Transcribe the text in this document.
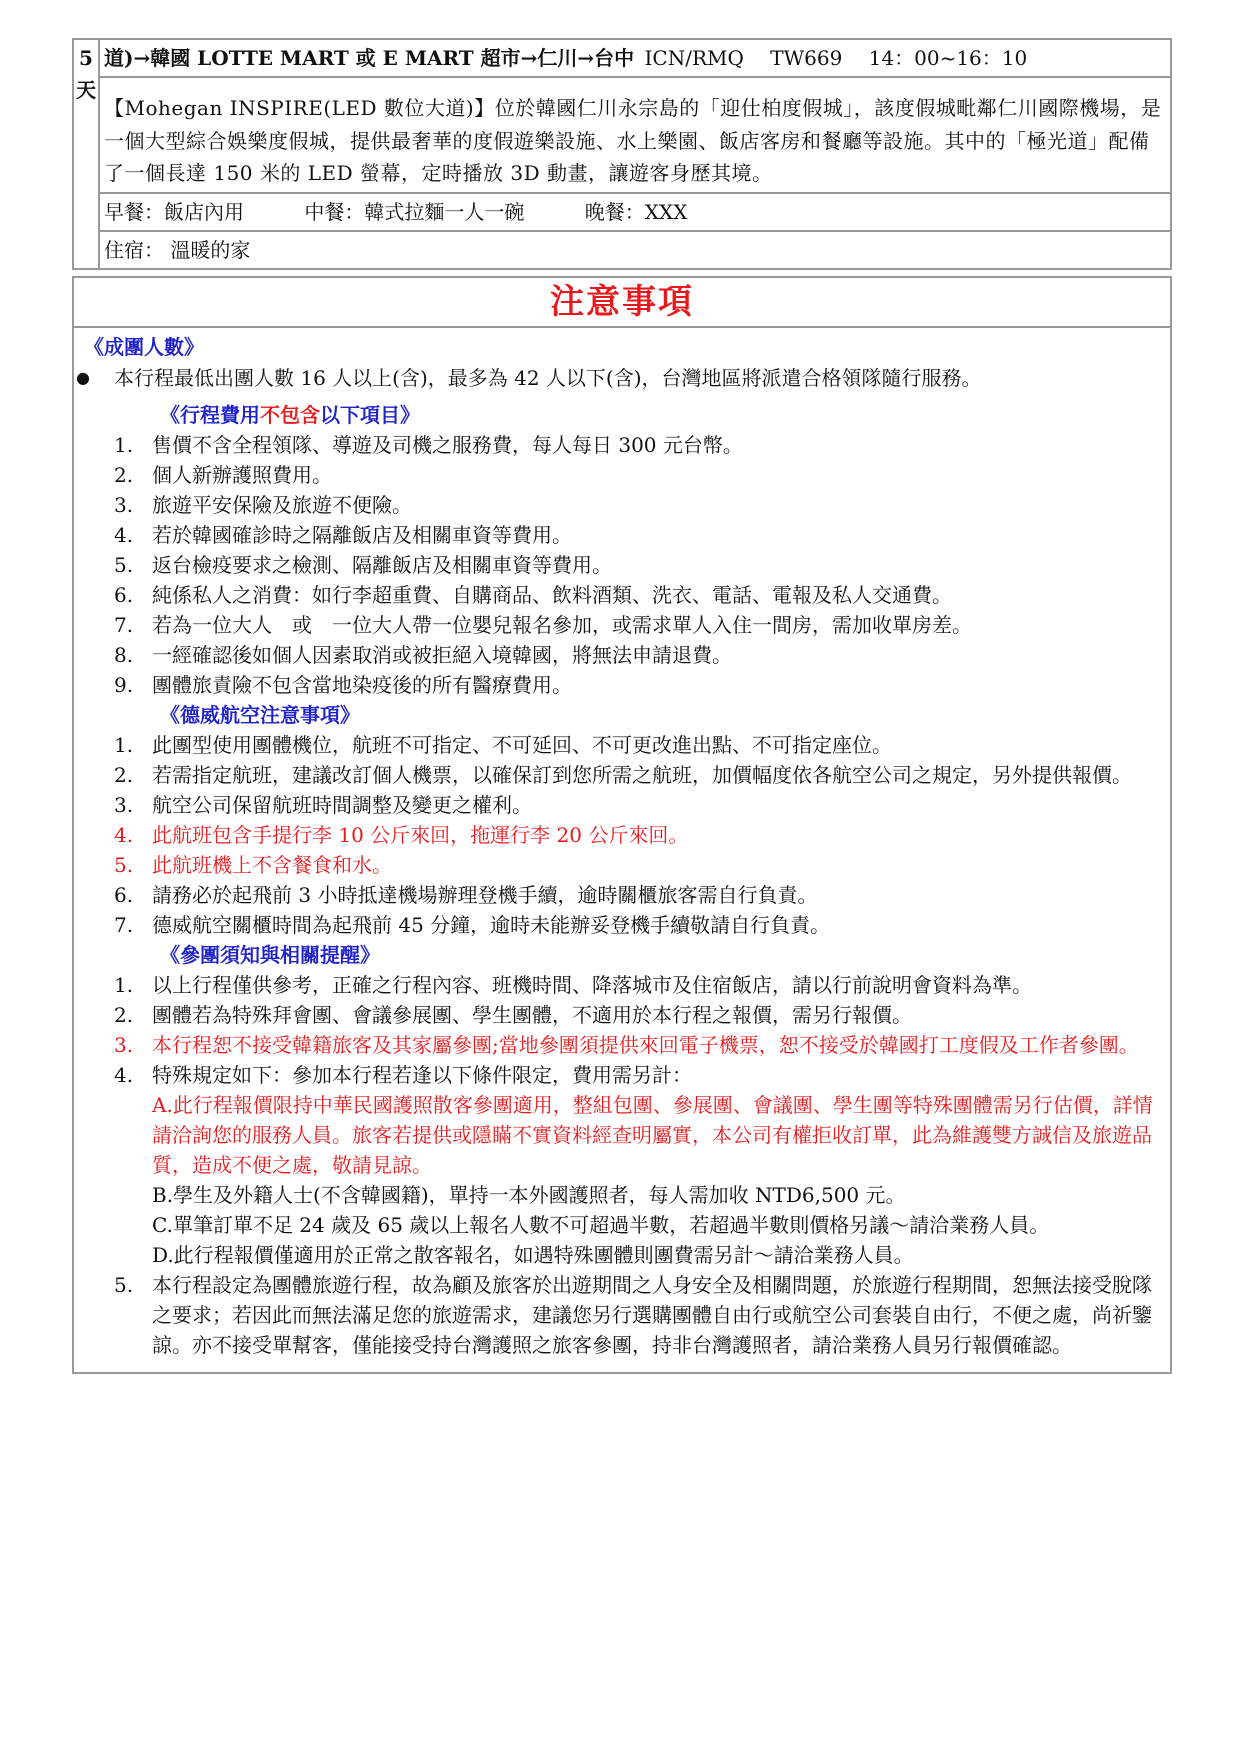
5
天
道)→韓國 LOTTE MART 或 E MART 超市→仁川→台中 ICN/RMQ　 TW669　 14：00~16：10
【Mohegan INSPIRE(LED 數位大道)】位於韓國仁川永宗島的「迎仕柏度假城」，該度假城毗鄰仁川國際機場，是一個大型綜合娛樂度假城，提供最奢華的度假遊樂設施、水上樂園、飯店客房和餐廳等設施。其中的「極光道」配備了一個長達 150 米的 LED 螢幕，定時播放 3D 動畫，讓遊客身歷其境。
早餐：飯店內用	中餐：韓式拉麵一人一碗	晚餐：XXX
住宿： 溫暖的家
注意事項
《成團人數》
●	本行程最低出團人數 16 人以上(含)，最多為 42 人以下(含)，台灣地區將派遣合格領隊隨行服務。
《行程費用不包含以下項目》
1. 售價不含全程領隊、導遊及司機之服務費，每人每日 300 元台幣。
2. 個人新辦護照費用。
3. 旅遊平安保險及旅遊不便險。
4. 若於韓國確診時之隔離飯店及相關車資等費用。
5. 返台檢疫要求之檢測、隔離飯店及相關車資等費用。
6. 純係私人之消費：如行李超重費、自購商品、飲料酒類、洗衣、電話、電報及私人交通費。
7. 若為一位大人　或　一位大人帶一位嬰兒報名參加，或需求單人入住一間房，需加收單房差。
8. 一經確認後如個人因素取消或被拒絕入境韓國，將無法申請退費。
9. 團體旅責險不包含當地染疫後的所有醫療費用。
《德威航空注意事項》
1. 此團型使用團體機位，航班不可指定、不可延回、不可更改進出點、不可指定座位。
2. 若需指定航班，建議改訂個人機票，以確保訂到您所需之航班，加價幅度依各航空公司之規定，另外提供報價。
3. 航空公司保留航班時間調整及變更之權利。
4. 此航班包含手提行李 10 公斤來回，拖運行李 20 公斤來回。
5. 此航班機上不含餐食和水。
6. 請務必於起飛前 3 小時抵達機場辦理登機手續，逾時關櫃旅客需自行負責。
7. 德威航空關櫃時間為起飛前 45 分鐘，逾時未能辦妥登機手續敬請自行負責。
《參團須知與相關提醒》
1. 以上行程僅供參考，正確之行程內容、班機時間、降落城市及住宿飯店，請以行前說明會資料為準。
2. 團體若為特殊拜會團、會議參展團、學生團體，不適用於本行程之報價，需另行報價。
3. 本行程恕不接受韓籍旅客及其家屬參團;當地參團須提供來回電子機票，恕不接受於韓國打工度假及工作者參團。
4. 特殊規定如下：參加本行程若逢以下條件限定，費用需另計：
A.此行程報價限持中華民國護照散客參團適用，整組包團、參展團、會議團、學生團等特殊團體需另行估價，詳情請洽詢您的服務人員。旅客若提供或隱瞞不實資料經查明屬實，本公司有權拒收訂單，此為維護雙方誠信及旅遊品質，造成不便之處，敬請見諒。
B.學生及外籍人士(不含韓國籍)，單持一本外國護照者，每人需加收 NTD6,500 元。
C.單筆訂單不足 24 歲及 65 歲以上報名人數不可超過半數，若超過半數則價格另議～請洽業務人員。
D.此行程報價僅適用於正常之散客報名，如遇特殊團體則團費需另計～請洽業務人員。
5. 本行程設定為團體旅遊行程，故為顧及旅客於出遊期間之人身安全及相關問題，於旅遊行程期間，恕無法接受脫隊之要求；若因此而無法滿足您的旅遊需求，建議您另行選購團體自由行或航空公司套裝自由行，不便之處，尚祈鑒諒。亦不接受單幫客，僅能接受持台灣護照之旅客參團，持非台灣護照者，請洽業務人員另行報價確認。
